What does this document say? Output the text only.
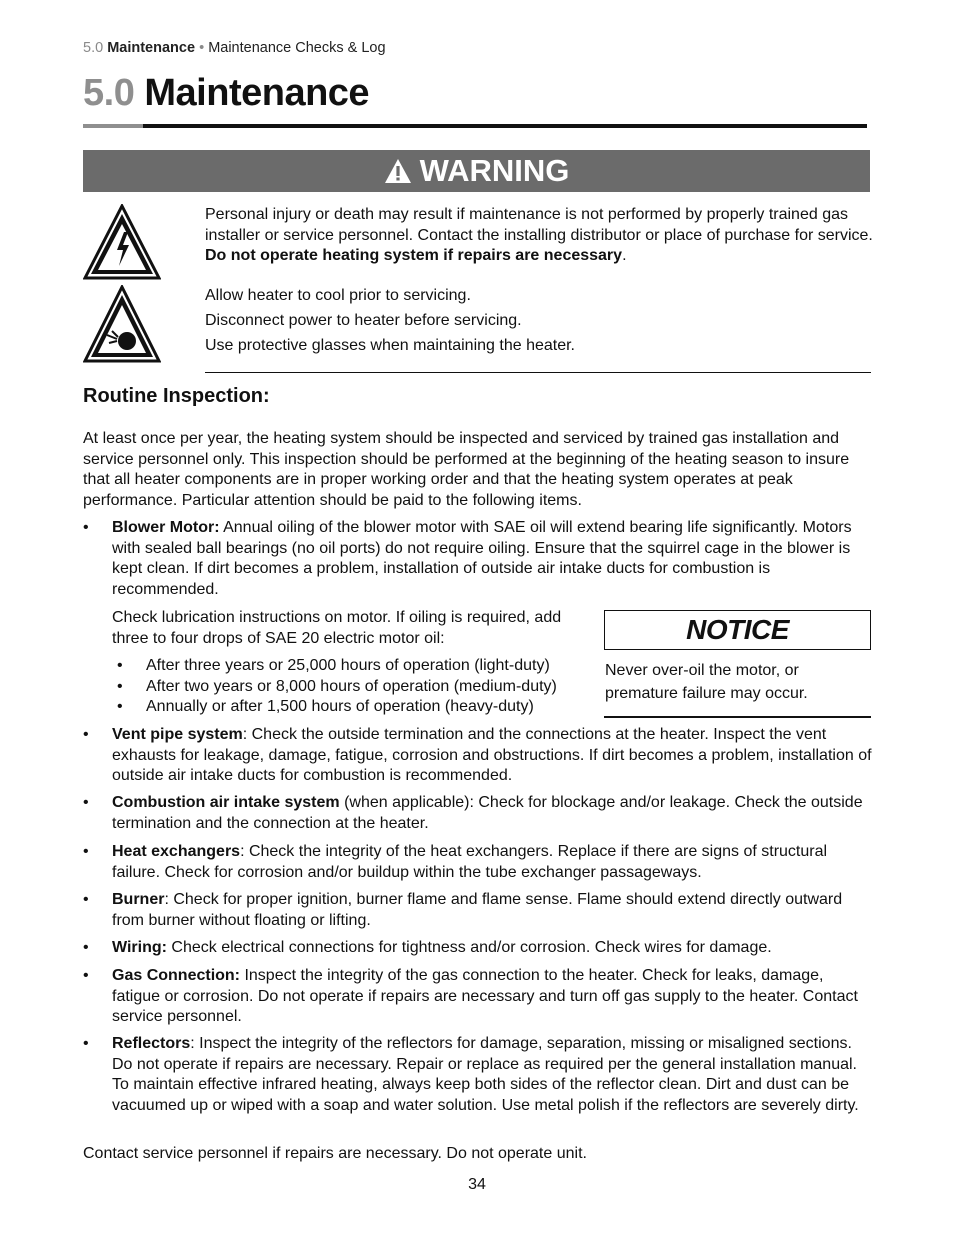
5.0 Maintenance • Maintenance Checks & Log
5.0 Maintenance
WARNING

Personal injury or death may result if maintenance is not performed by properly trained gas installer or service personnel. Contact the installing distributor or place of purchase for service. Do not operate heating system if repairs are necessary.

Allow heater to cool prior to servicing.
Disconnect power to heater before servicing.
Use protective glasses when maintaining the heater.
Routine Inspection:

At least once per year, the heating system should be inspected and serviced by trained gas installation and service personnel only. This inspection should be performed at the beginning of the heating season to insure that all heater components are in proper working order and that the heating system operates at peak performance. Particular attention should be paid to the following items.

• Blower Motor: Annual oiling of the blower motor with SAE oil will extend bearing life significantly. Motors with sealed ball bearings (no oil ports) do not require oiling. Ensure that the squirrel cage in the blower is kept clean. If dirt becomes a problem, installation of outside air intake ducts for combustion is recommended.
Check lubrication instructions on motor. If oiling is required, add three to four drops of SAE 20 electric motor oil:
• After three years or 25,000 hours of operation (light-duty)
• After two years or 8,000 hours of operation (medium-duty)
• Annually or after 1,500 hours of operation (heavy-duty)
NOTICE
Never over-oil the motor, or premature failure may occur.
• Vent pipe system: Check the outside termination and the connections at the heater. Inspect the vent exhausts for leakage, damage, fatigue, corrosion and obstructions. If dirt becomes a problem, installation of outside air intake ducts for combustion is recommended.
• Combustion air intake system (when applicable): Check for blockage and/or leakage. Check the outside termination and the connection at the heater.
• Heat exchangers: Check the integrity of the heat exchangers. Replace if there are signs of structural failure. Check for corrosion and/or buildup within the tube exchanger passageways.
• Burner: Check for proper ignition, burner flame and flame sense. Flame should extend directly outward from burner without floating or lifting.
• Wiring: Check electrical connections for tightness and/or corrosion. Check wires for damage.
• Gas Connection: Inspect the integrity of the gas connection to the heater. Check for leaks, damage, fatigue or corrosion. Do not operate if repairs are necessary and turn off gas supply to the heater. Contact service personnel.
• Reflectors: Inspect the integrity of the reflectors for damage, separation, missing or misaligned sections. Do not operate if repairs are necessary. Repair or replace as required per the general installation manual. To maintain effective infrared heating, always keep both sides of the reflector clean. Dirt and dust can be vacuumed up or wiped with a soap and water solution. Use metal polish if the reflectors are severely dirty.

Contact service personnel if repairs are necessary. Do not operate unit.

34
